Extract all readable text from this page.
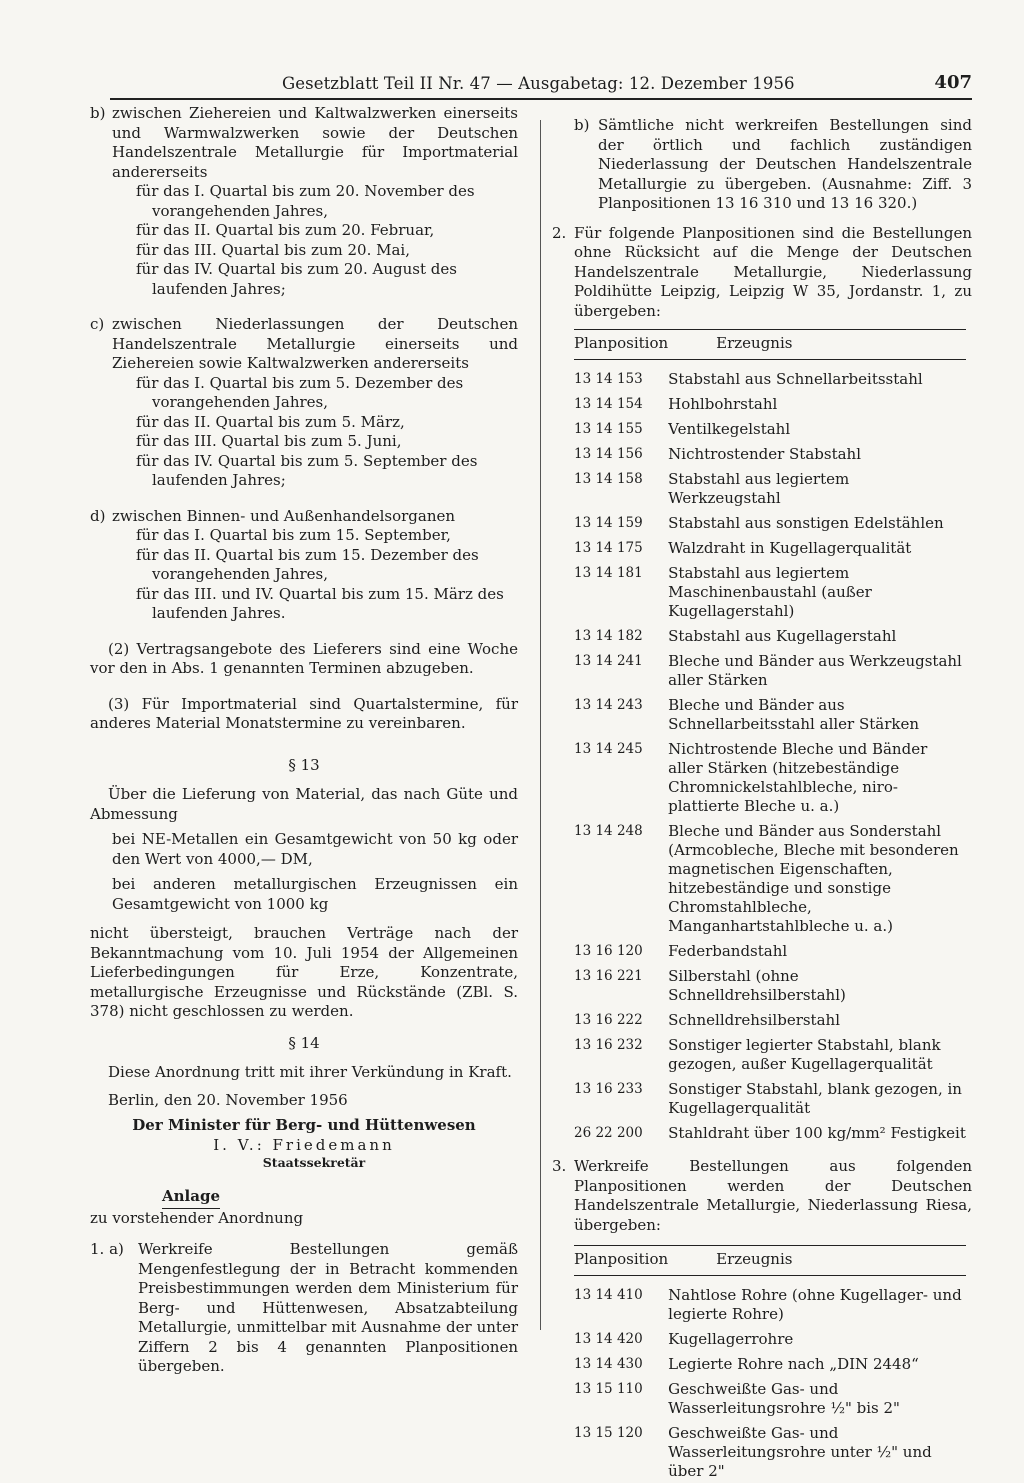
Gesetzblatt Teil II Nr. 47 — Ausgabetag: 12. Dezember 1956	407
b) zwischen Ziehereien und Kaltwalzwerken einerseits und Warmwalzwerken sowie der Deutschen Handelszentrale Metallurgie für Importmaterial andererseits
für das I. Quartal bis zum 20. November des vorangehenden Jahres,
für das II. Quartal bis zum 20. Februar,
für das III. Quartal bis zum 20. Mai,
für das IV. Quartal bis zum 20. August des laufenden Jahres;
c) zwischen Niederlassungen der Deutschen Handelszentrale Metallurgie einerseits und Ziehereien sowie Kaltwalzwerken andererseits
für das I. Quartal bis zum 5. Dezember des vorangehenden Jahres,
für das II. Quartal bis zum 5. März,
für das III. Quartal bis zum 5. Juni,
für das IV. Quartal bis zum 5. September des laufenden Jahres;
d) zwischen Binnen- und Außenhandelsorganen
für das I. Quartal bis zum 15. September,
für das II. Quartal bis zum 15. Dezember des vorangehenden Jahres,
für das III. und IV. Quartal bis zum 15. März des laufenden Jahres.

(2) Vertragsangebote des Lieferers sind eine Woche vor den in Abs. 1 genannten Terminen abzugeben.

(3) Für Importmaterial sind Quartalstermine, für anderes Material Monatstermine zu vereinbaren.

§ 13

Über die Lieferung von Material, das nach Güte und Abmessung

bei NE-Metallen ein Gesamtgewicht von 50 kg oder den Wert von 4000,— DM,

bei anderen metallurgischen Erzeugnissen ein Gesamtgewicht von 1000 kg

nicht übersteigt, brauchen Verträge nach der Bekanntmachung vom 10. Juli 1954 der Allgemeinen Lieferbedingungen für Erze, Konzentrate, metallurgische Erzeugnisse und Rückstände (ZBl. S. 378) nicht geschlossen zu werden.

§ 14

Diese Anordnung tritt mit ihrer Verkündung in Kraft.

Berlin, den 20. November 1956
Der Minister für Berg- und Hüttenwesen
I. V.: Friedemann
Staatssekretär
Anlage
zu vorstehender Anordnung
1. a) Werkreife Bestellungen gemäß Mengenfestlegung der in Betracht kommenden Preisbestimmungen werden dem Ministerium für Berg- und Hüttenwesen, Absatzabteilung Metallurgie, unmittelbar mit Ausnahme der unter Ziffern 2 bis 4 genannten Planpositionen übergeben.
b) Sämtliche nicht werkreifen Bestellungen sind der örtlich und fachlich zuständigen Niederlassung der Deutschen Handelszentrale Metallurgie zu übergeben. (Ausnahme: Ziff. 3 Planpositionen 13 16 310 und 13 16 320.)
2. Für folgende Planpositionen sind die Bestellungen ohne Rücksicht auf die Menge der Deutschen Handelszentrale Metallurgie, Niederlassung Poldihütte Leipzig, Leipzig W 35, Jordanstr. 1, zu übergeben:
Planposition	Erzeugnis
13 14 153	Stabstahl aus Schnellarbeitsstahl
13 14 154	Hohlbohrstahl
13 14 155	Ventilkegelstahl
13 14 156	Nichtrostender Stabstahl
13 14 158	Stabstahl aus legiertem Werkzeugstahl
13 14 159	Stabstahl aus sonstigen Edelstählen
13 14 175	Walzdraht in Kugellagerqualität
13 14 181	Stabstahl aus legiertem Maschinenbaustahl (außer Kugellagerstahl)
13 14 182	Stabstahl aus Kugellagerstahl
13 14 241	Bleche und Bänder aus Werkzeugstahl aller Stärken
13 14 243	Bleche und Bänder aus Schnellarbeitsstahl aller Stärken
13 14 245	Nichtrostende Bleche und Bänder aller Stärken (hitzebeständige Chromnickelstahlbleche, niro-plattierte Bleche u. a.)
13 14 248	Bleche und Bänder aus Sonderstahl (Armcobleche, Bleche mit besonderen magnetischen Eigenschaften, hitzebeständige und sonstige Chromstahlbleche, Manganhartstahlbleche u. a.)
13 16 120	Federbandstahl
13 16 221	Silberstahl (ohne Schnelldrehsilberstahl)
13 16 222	Schnelldrehsilberstahl
13 16 232	Sonstiger legierter Stabstahl, blank gezogen, außer Kugellagerqualität
13 16 233	Sonstiger Stabstahl, blank gezogen, in Kugellagerqualität
26 22 200	Stahldraht über 100 kg/mm² Festigkeit
3. Werkreife Bestellungen aus folgenden Planpositionen werden der Deutschen Handelszentrale Metallurgie, Niederlassung Riesa, übergeben:
Planposition	Erzeugnis
13 14 410	Nahtlose Rohre (ohne Kugellager- und legierte Rohre)
13 14 420	Kugellagerrohre
13 14 430	Legierte Rohre nach „DIN 2448“
13 15 110	Geschweißte Gas- und Wasserleitungsrohre ½" bis 2"
13 15 120	Geschweißte Gas- und Wasserleitungsrohre unter ½" und über 2"
